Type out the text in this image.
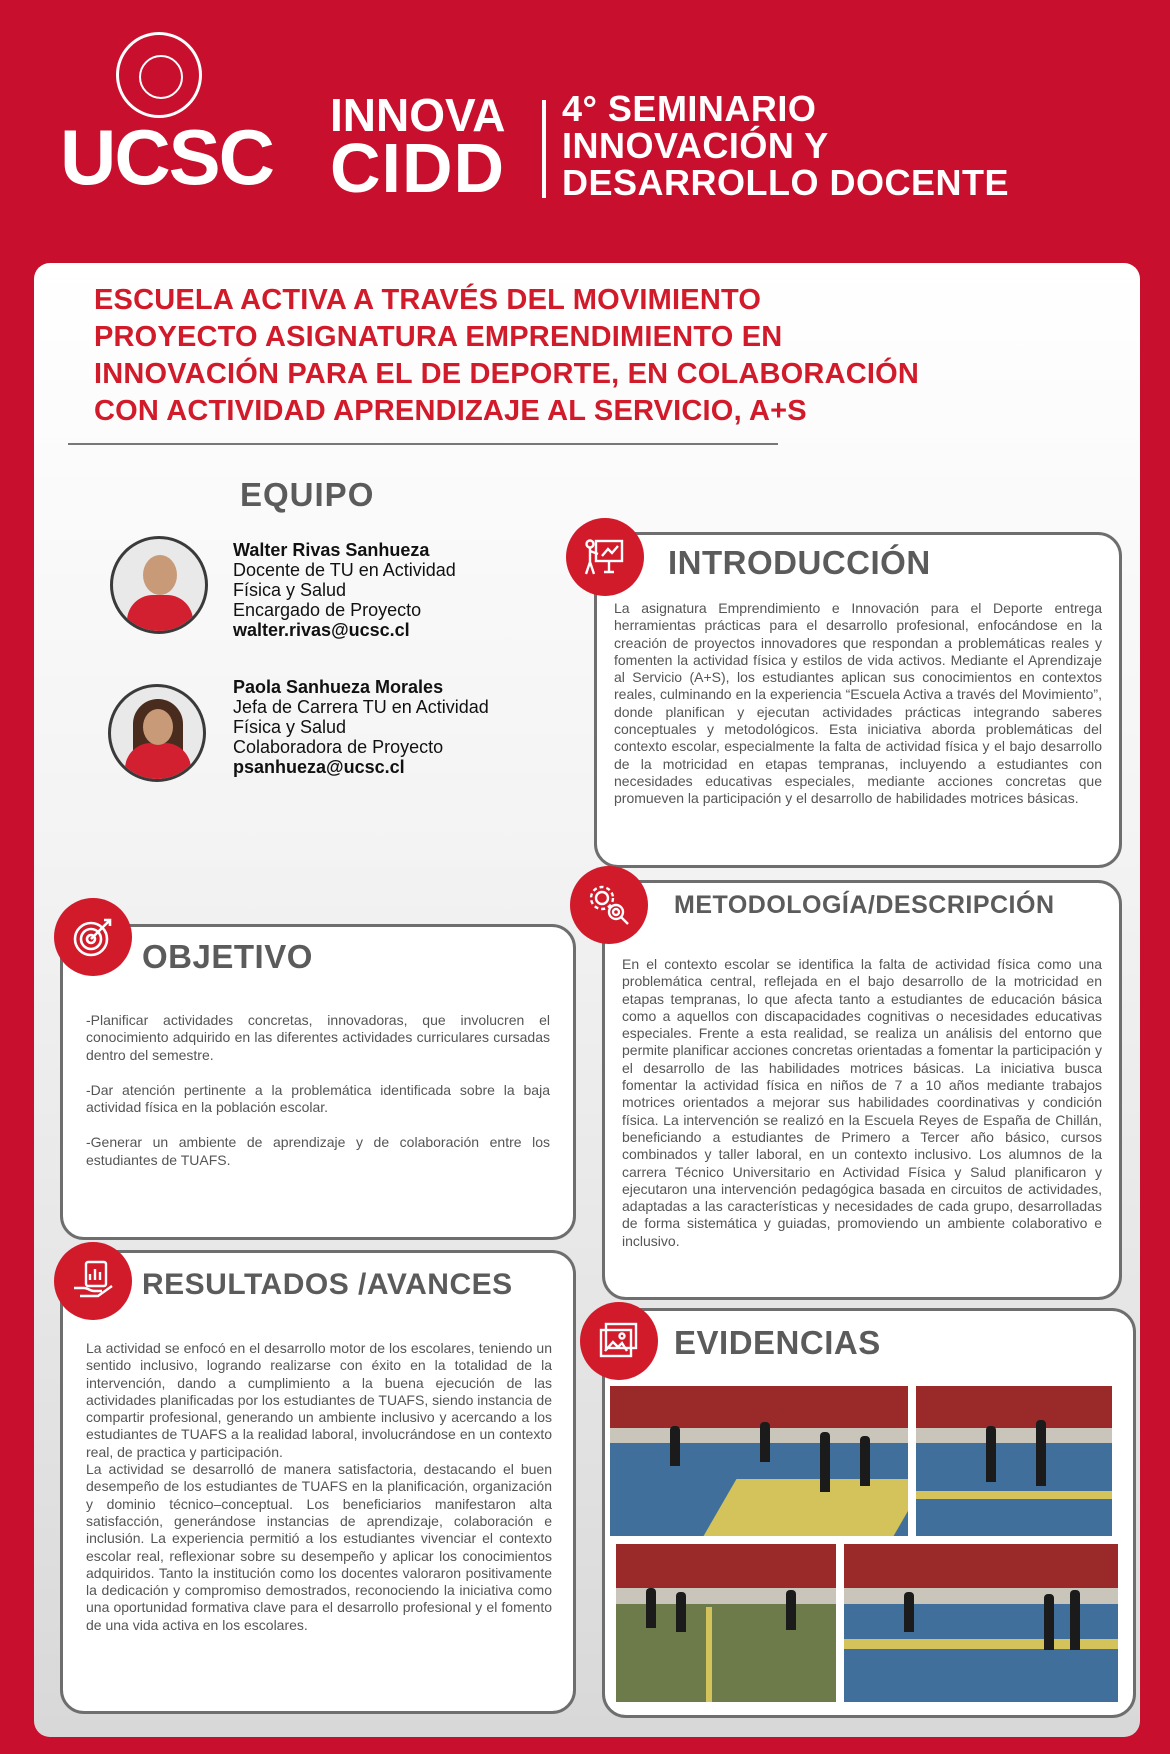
UCSC INNOVA
CIDD
4° SEMINARIO
INNOVACIÓN Y
DESARROLLO DOCENTE
ESCUELA ACTIVA A TRAVÉS DEL MOVIMIENTO
PROYECTO ASIGNATURA EMPRENDIMIENTO EN
INNOVACIÓN PARA EL DE DEPORTE, EN COLABORACIÓN
CON ACTIVIDAD APRENDIZAJE AL SERVICIO, A+S
EQUIPO
Walter Rivas Sanhueza
Docente de TU en Actividad
Física y Salud
Encargado de Proyecto
walter.rivas@ucsc.cl
Paola Sanhueza Morales
Jefa de Carrera TU en Actividad
Física y Salud
Colaboradora de Proyecto
psanhueza@ucsc.cl
INTRODUCCIÓN
La asignatura Emprendimiento e Innovación para el Deporte entrega herramientas prácticas para el desarrollo profesional, enfocándose en la creación de proyectos innovadores que respondan a problemáticas reales y fomenten la actividad física y estilos de vida activos. Mediante el Aprendizaje al Servicio (A+S), los estudiantes aplican sus conocimientos en contextos reales, culminando en la experiencia “Escuela Activa a través del Movimiento”, donde planifican y ejecutan actividades prácticas integrando saberes conceptuales y metodológicos. Esta iniciativa aborda problemáticas del contexto escolar, especialmente la falta de actividad física y el bajo desarrollo de la motricidad en etapas tempranas, incluyendo a estudiantes con necesidades educativas especiales, mediante acciones concretas que promueven la participación y el desarrollo de habilidades motrices básicas.
METODOLOGÍA/DESCRIPCIÓN
En el contexto escolar se identifica la falta de actividad física como una problemática central, reflejada en el bajo desarrollo de la motricidad en etapas tempranas, lo que afecta tanto a estudiantes de educación básica como a aquellos con discapacidades cognitivas o necesidades educativas especiales. Frente a esta realidad, se realiza un análisis del entorno que permite planificar acciones concretas orientadas a fomentar la participación y el desarrollo de las habilidades motrices básicas. La iniciativa busca fomentar la actividad física en niños de 7 a 10 años mediante trabajos motrices orientados a mejorar sus habilidades coordinativas y condición física. La intervención se realizó en la Escuela Reyes de España de Chillán, beneficiando a estudiantes de Primero a Tercer año básico, cursos combinados y taller laboral, en un contexto inclusivo. Los alumnos de la carrera Técnico Universitario en Actividad Física y Salud planificaron y ejecutaron una intervención pedagógica basada en circuitos de actividades, adaptadas a las características y necesidades de cada grupo, desarrolladas de forma sistemática y guiadas, promoviendo un ambiente colaborativo e inclusivo.
OBJETIVO

-Planificar actividades concretas, innovadoras, que involucren el conocimiento adquirido en las diferentes actividades curriculares cursadas dentro del semestre.

-Dar atención pertinente a la problemática identificada sobre la baja actividad física en la población escolar.

-Generar un ambiente de aprendizaje y de colaboración entre los estudiantes de TUAFS.

RESULTADOS /AVANCES
La actividad se enfocó en el desarrollo motor de los escolares, teniendo un sentido inclusivo, logrando realizarse con éxito en la totalidad de la intervención, dando a cumplimiento a la buena ejecución de las actividades planificadas por los estudiantes de TUAFS, siendo instancia de compartir profesional, generando un ambiente inclusivo y acercando a los estudiantes de TUAFS a la realidad laboral, involucrándose en un contexto real, de practica y participación.
La actividad se desarrolló de manera satisfactoria, destacando el buen desempeño de los estudiantes de TUAFS en la planificación, organización y dominio técnico–conceptual. Los beneficiarios manifestaron alta satisfacción, generándose instancias de aprendizaje, colaboración e inclusión. La experiencia permitió a los estudiantes vivenciar el contexto escolar real, reflexionar sobre su desempeño y aplicar los conocimientos adquiridos. Tanto la institución como los docentes valoraron positivamente la dedicación y compromiso demostrados, reconociendo la iniciativa como una oportunidad formativa clave para el desarrollo profesional y el fomento de una vida activa en los escolares.
EVIDENCIAS
